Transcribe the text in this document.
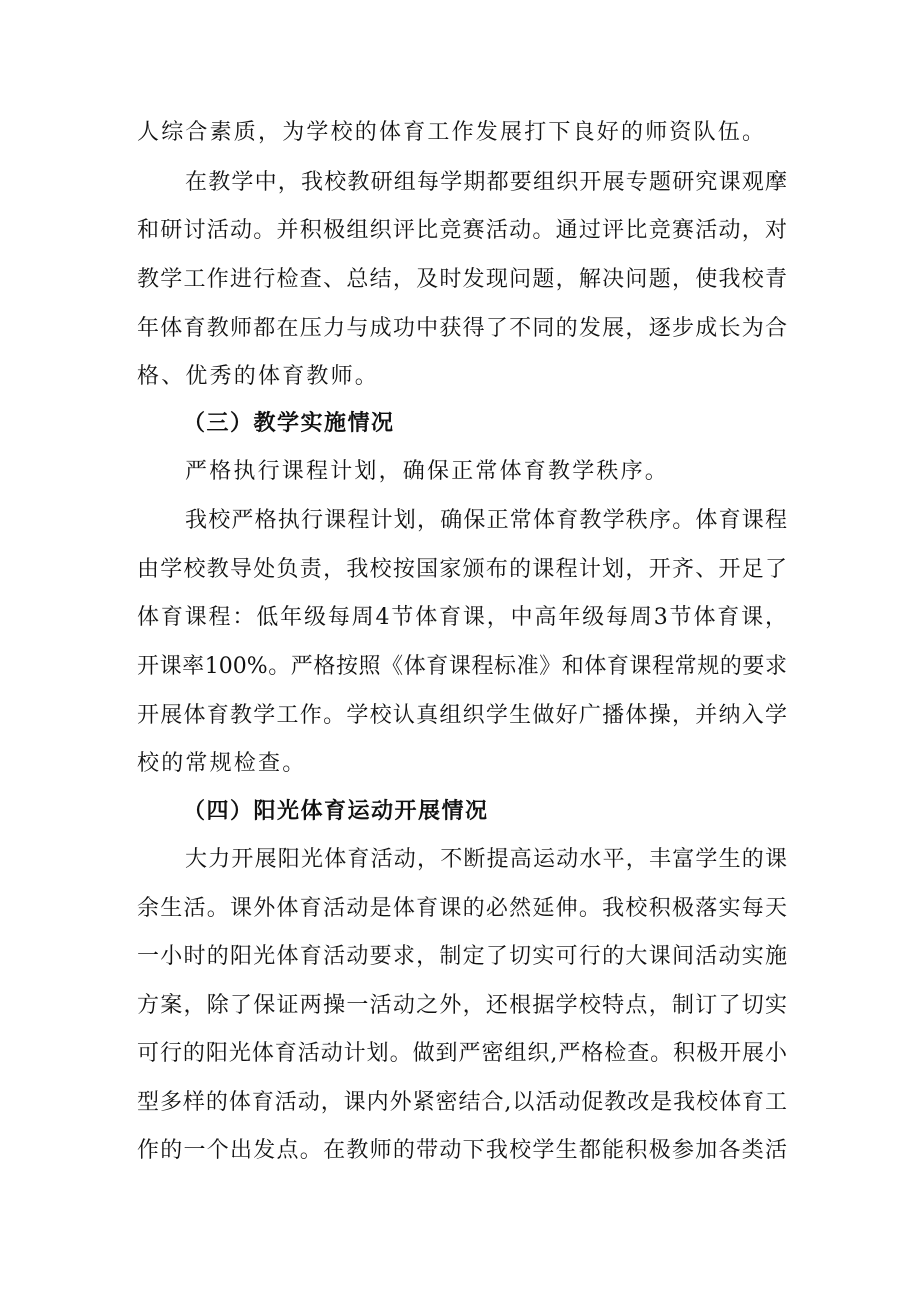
人综合素质，为学校的体育工作发展打下良好的师资队伍。
在教学中，我校教研组每学期都要组织开展专题研究课观摩
和研讨活动。并积极组织评比竞赛活动。通过评比竞赛活动，对
教学工作进行检查、总结，及时发现问题，解决问题，使我校青
年体育教师都在压力与成功中获得了不同的发展，逐步成长为合
格、优秀的体育教师。
（三）教学实施情况
严格执行课程计划，确保正常体育教学秩序。
我校严格执行课程计划，确保正常体育教学秩序。体育课程
由学校教导处负责，我校按国家颁布的课程计划，开齐、开足了
体育课程：低年级每周4节体育课，中高年级每周3节体育课，
开课率100%。严格按照《体育课程标准》和体育课程常规的要求
开展体育教学工作。学校认真组织学生做好广播体操，并纳入学
校的常规检查。
（四）阳光体育运动开展情况
大力开展阳光体育活动，不断提高运动水平，丰富学生的课
余生活。课外体育活动是体育课的必然延伸。我校积极落实每天
一小时的阳光体育活动要求，制定了切实可行的大课间活动实施
方案，除了保证两操一活动之外，还根据学校特点，制订了切实
可行的阳光体育活动计划。做到严密组织,严格检查。积极开展小
型多样的体育活动，课内外紧密结合,以活动促教改是我校体育工
作的一个出发点。在教师的带动下我校学生都能积极参加各类活
